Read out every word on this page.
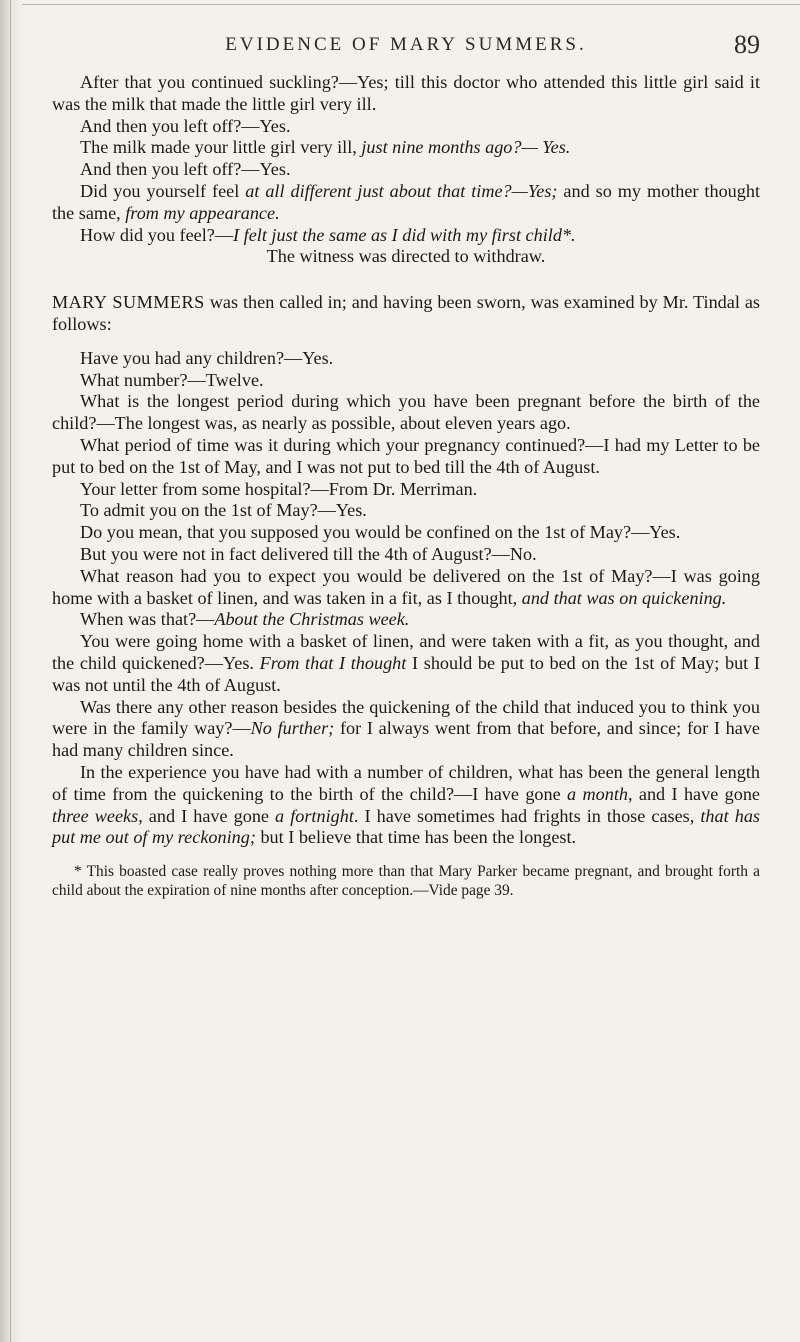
EVIDENCE OF MARY SUMMERS.	89

After that you continued suckling?—Yes; till this doctor who attended this little girl said it was the milk that made the little girl very ill.

And then you left off?—Yes.

The milk made your little girl very ill, just nine months ago?— Yes.

And then you left off?—Yes.

Did you yourself feel at all different just about that time?—Yes; and so my mother thought the same, from my appearance.

How did you feel?—I felt just the same as I did with my first child*.

The witness was directed to withdraw.

MARY SUMMERS was then called in; and having been sworn, was examined by Mr. Tindal as follows:

Have you had any children?—Yes.

What number?—Twelve.

What is the longest period during which you have been pregnant before the birth of the child?—The longest was, as nearly as possible, about eleven years ago.

What period of time was it during which your pregnancy continued?—I had my Letter to be put to bed on the 1st of May, and I was not put to bed till the 4th of August.

Your letter from some hospital?—From Dr. Merriman.

To admit you on the 1st of May?—Yes.

Do you mean, that you supposed you would be confined on the 1st of May?—Yes.

But you were not in fact delivered till the 4th of August?—No.

What reason had you to expect you would be delivered on the 1st of May?—I was going home with a basket of linen, and was taken in a fit, as I thought, and that was on quickening.

When was that?—About the Christmas week.

You were going home with a basket of linen, and were taken with a fit, as you thought, and the child quickened?—Yes. From that I thought I should be put to bed on the 1st of May; but I was not until the 4th of August.

Was there any other reason besides the quickening of the child that induced you to think you were in the family way?—No further; for I always went from that before, and since; for I have had many children since.

In the experience you have had with a number of children, what has been the general length of time from the quickening to the birth of the child?—I have gone a month, and I have gone three weeks, and I have gone a fortnight. I have sometimes had frights in those cases, that has put me out of my reckoning; but I believe that time has been the longest.

* This boasted case really proves nothing more than that Mary Parker became pregnant, and brought forth a child about the expiration of nine months after conception.—Vide page 39.
